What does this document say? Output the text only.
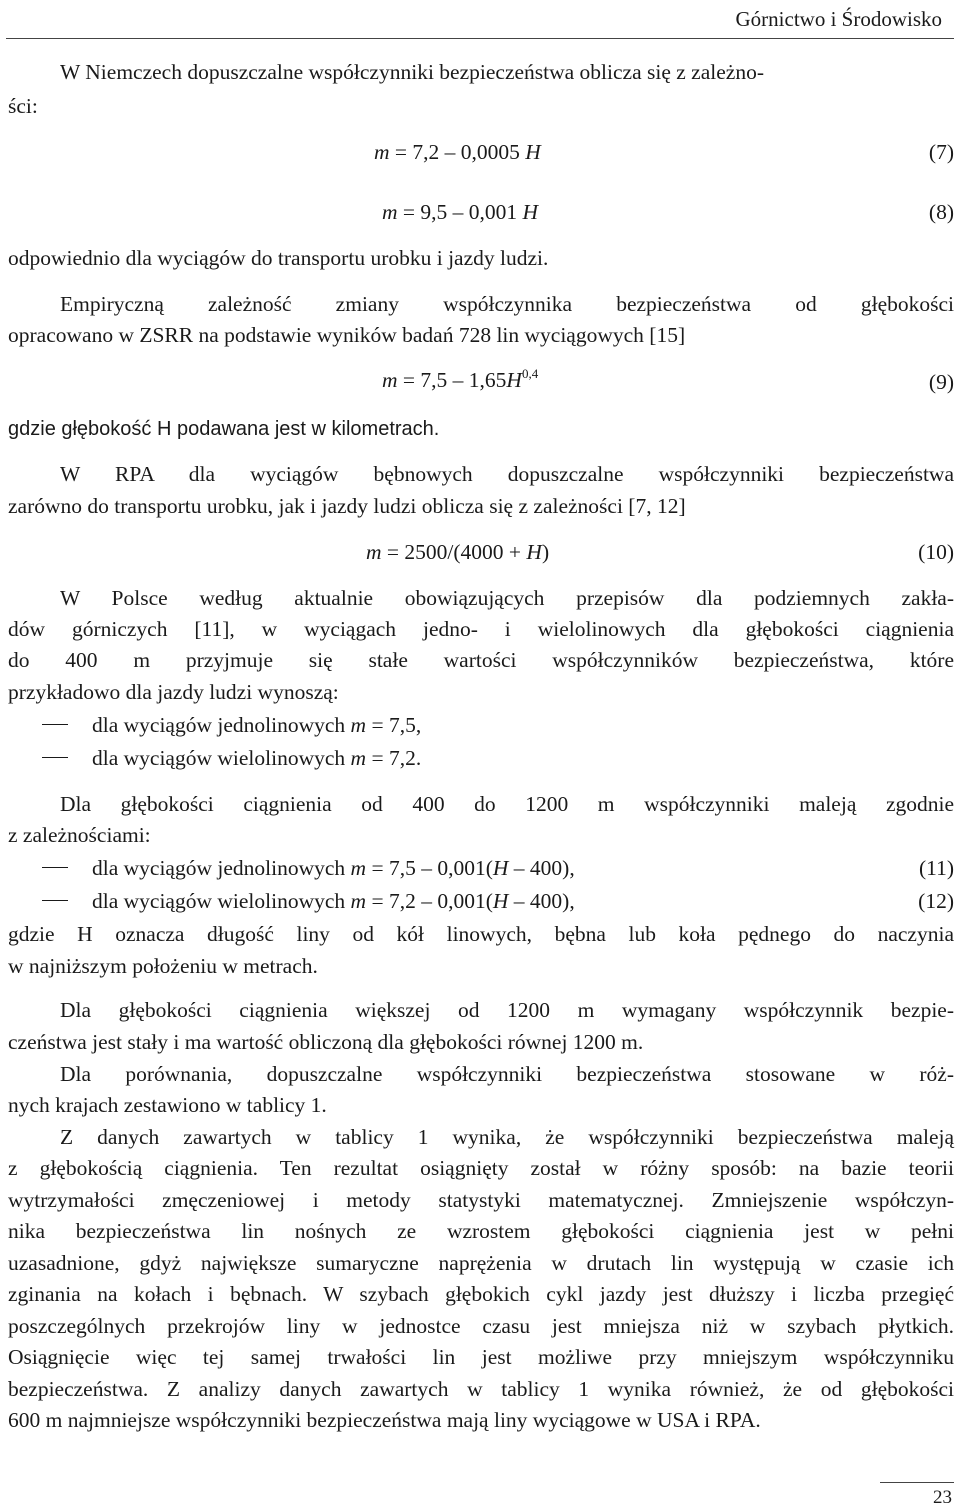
Górnictwo i Środowisko
W Niemczech dopuszczalne współczynniki bezpieczeństwa oblicza się z zależno-
ści:
m = 7,2 – 0,0005 H	(7)
m = 9,5 – 0,001 H	(8)
odpowiednio dla wyciągów do transportu urobku i jazdy ludzi.
Empiryczną zależność zmiany współczynnika bezpieczeństwa od głębokości
opracowano w ZSRR na podstawie wyników badań 728 lin wyciągowych [15]
$m = 7,5 - 1,65H^{0,4}$	(9)
gdzie głębokość H podawana jest w kilometrach.
W RPA dla wyciągów bębnowych dopuszczalne współczynniki bezpieczeństwa
zarówno do transportu urobku, jak i jazdy ludzi oblicza się z zależności [7, 12]
m = 2500/(4000 + H)	(10)
W Polsce według aktualnie obowiązujących przepisów dla podziemnych zakła-
dów górniczych [11], w wyciągach jedno- i wielolinowych dla głębokości ciągnienia
do 400 m przyjmuje się stałe wartości współczynników bezpieczeństwa, które
przykładowo dla jazdy ludzi wynoszą:
dla wyciągów jednolinowych m = 7,5,
dla wyciągów wielolinowych m = 7,2.
Dla głębokości ciągnienia od 400 do 1200 m współczynniki maleją zgodnie
z zależnościami:
dla wyciągów jednolinowych m = 7,5 – 0,001(H – 400),	(11)
dla wyciągów wielolinowych m = 7,2 – 0,001(H – 400),	(12)
gdzie H oznacza długość liny od kół linowych, bębna lub koła pędnego do naczynia
w najniższym położeniu w metrach.
Dla głębokości ciągnienia większej od 1200 m wymagany współczynnik bezpie-
czeństwa jest stały i ma wartość obliczoną dla głębokości równej 1200 m.
Dla porównania, dopuszczalne współczynniki bezpieczeństwa stosowane w róż-
nych krajach zestawiono w tablicy 1.
Z danych zawartych w tablicy 1 wynika, że współczynniki bezpieczeństwa maleją
z głębokością ciągnienia. Ten rezultat osiągnięty został w różny sposób: na bazie teorii
wytrzymałości zmęczeniowej i metody statystyki matematycznej. Zmniejszenie współczyn-
nika bezpieczeństwa lin nośnych ze wzrostem głębokości ciągnienia jest w pełni
uzasadnione, gdyż największe sumaryczne naprężenia w drutach lin występują w czasie ich
zginania na kołach i bębnach. W szybach głębokich cykl jazdy jest dłuższy i liczba przegięć
poszczególnych przekrojów liny w jednostce czasu jest mniejsza niż w szybach płytkich.
Osiągnięcie więc tej samej trwałości lin jest możliwe przy mniejszym współczynniku
bezpieczeństwa. Z analizy danych zawartych w tablicy 1 wynika również, że od głębokości
600 m najmniejsze współczynniki bezpieczeństwa mają liny wyciągowe w USA i RPA.
23
